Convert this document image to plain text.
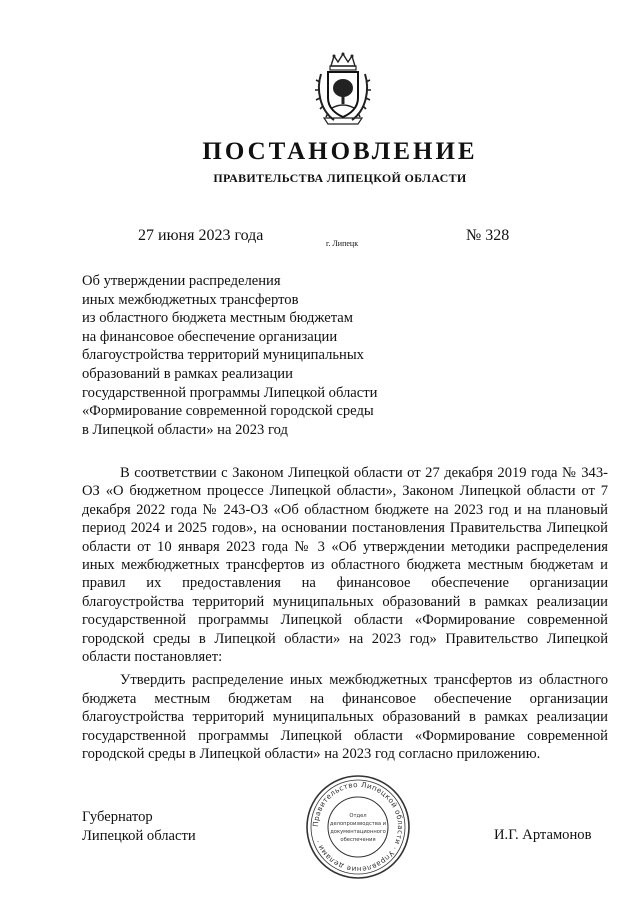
ПОСТАНОВЛЕНИЕ
ПРАВИТЕЛЬСТВА ЛИПЕЦКОЙ ОБЛАСТИ
27 июня 2023 года	г. Липецк	№ 328
Об утверждении распределения
иных межбюджетных трансфертов
из областного бюджета местным бюджетам
на финансовое обеспечение организации
благоустройства территорий муниципальных
образований в рамках реализации
государственной программы Липецкой области
«Формирование современной городской среды
в Липецкой области» на 2023 год

В соответствии с Законом Липецкой области от 27 декабря 2019 года № 343-ОЗ «О бюджетном процессе Липецкой области», Законом Липецкой области от 7 декабря 2022 года № 243-ОЗ «Об областном бюджете на 2023 год и на плановый период 2024 и 2025 годов», на основании постановления Правительства Липецкой области от 10 января 2023 года № 3 «Об утверждении методики распределения иных межбюджетных трансфертов из областного бюджета местным бюджетам и правил их предоставления на финансовое обеспечение организации благоустройства территорий муниципальных образований в рамках реализации государственной программы Липецкой области «Формирование современной городской среды в Липецкой области» на 2023 год» Правительство Липецкой области постановляет:

Утвердить распределение иных межбюджетных трансфертов из областного бюджета местным бюджетам на финансовое обеспечение организации благоустройства территорий муниципальных образований в рамках реализации государственной программы Липецкой области «Формирование современной городской среды в Липецкой области» на 2023 год согласно приложению.

Губернатор
Липецкой области
Правительство Липецкой области · Управление делами ·
Отдел
делопроизводства и
документационного
обеспечения	И.Г. Артамонов
